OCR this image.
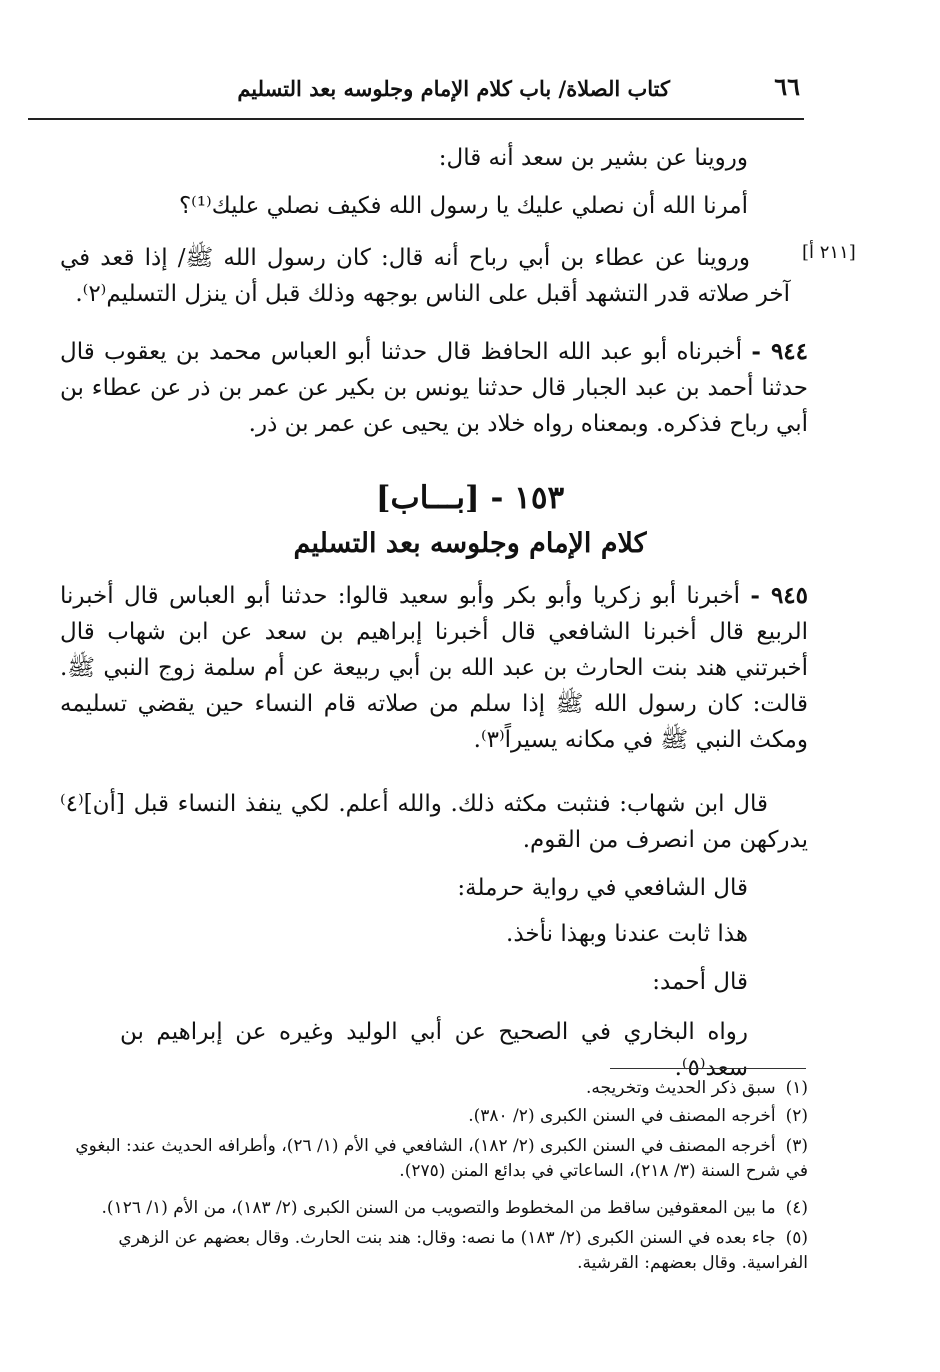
٦٦
كتاب الصلاة/ باب كلام الإمام وجلوسه بعد التسليم
وروينا عن بشير بن سعد أنه قال:
أمرنا الله أن نصلي عليك يا رسول الله فكيف نصلي عليك⁽¹⁾؟
[٢١١ أ]
وروينا عن عطاء بن أبي رباح أنه قال: كان رسول الله ﷺ/ إذا قعد في آخر صلاته قدر التشهد أقبل على الناس بوجهه وذلك قبل أن ينزل التسليم⁽٢⁾.
٩٤٤ - أخبرناه أبو عبد الله الحافظ قال حدثنا أبو العباس محمد بن يعقوب قال حدثنا أحمد بن عبد الجبار قال حدثنا يونس بن بكير عن عمر بن ذر عن عطاء بن أبي رباح فذكره. وبمعناه رواه خلاد بن يحيى عن عمر بن ذر.
١٥٣ - [بـــاب]
كلام الإمام وجلوسه بعد التسليم
٩٤٥ - أخبرنا أبو زكريا وأبو بكر وأبو سعيد قالوا: حدثنا أبو العباس قال أخبرنا الربيع قال أخبرنا الشافعي قال أخبرنا إبراهيم بن سعد عن ابن شهاب قال أخبرتني هند بنت الحارث بن عبد الله بن أبي ربيعة عن أم سلمة زوج النبي ﷺ. قالت: كان رسول الله ﷺ إذا سلم من صلاته قام النساء حين يقضي تسليمه ومكث النبي ﷺ في مكانه يسيراً⁽٣⁾.
قال ابن شهاب: فنثبت مكثه ذلك. والله أعلم. لكي ينفذ النساء قبل [أن]⁽٤⁾ يدركهن من انصرف من القوم.
قال الشافعي في رواية حرملة:
هذا ثابت عندنا وبهذا نأخذ.
قال أحمد:
رواه البخاري في الصحيح عن أبي الوليد وغيره عن إبراهيم بن سعد⁽٥⁾.
(١)سبق ذكر الحديث وتخريجه.
(٢)أخرجه المصنف في السنن الكبرى (٢/ ٣٨٠).
(٣)أخرجه المصنف في السنن الكبرى (٢/ ١٨٢)، الشافعي في الأم (١/ ٢٦)، وأطرافه الحديث عند: البغوي في شرح السنة (٣/ ٢١٨)، الساعاتي في بدائع المنن (٢٧٥).
(٤)ما بين المعقوفين ساقط من المخطوط والتصويب من السنن الكبرى (٢/ ١٨٣)، من الأم (١/ ١٢٦).
(٥)جاء بعده في السنن الكبرى (٢/ ١٨٣) ما نصه: وقال: هند بنت الحارث. وقال بعضهم عن الزهري الفراسية. وقال بعضهم: القرشية.
